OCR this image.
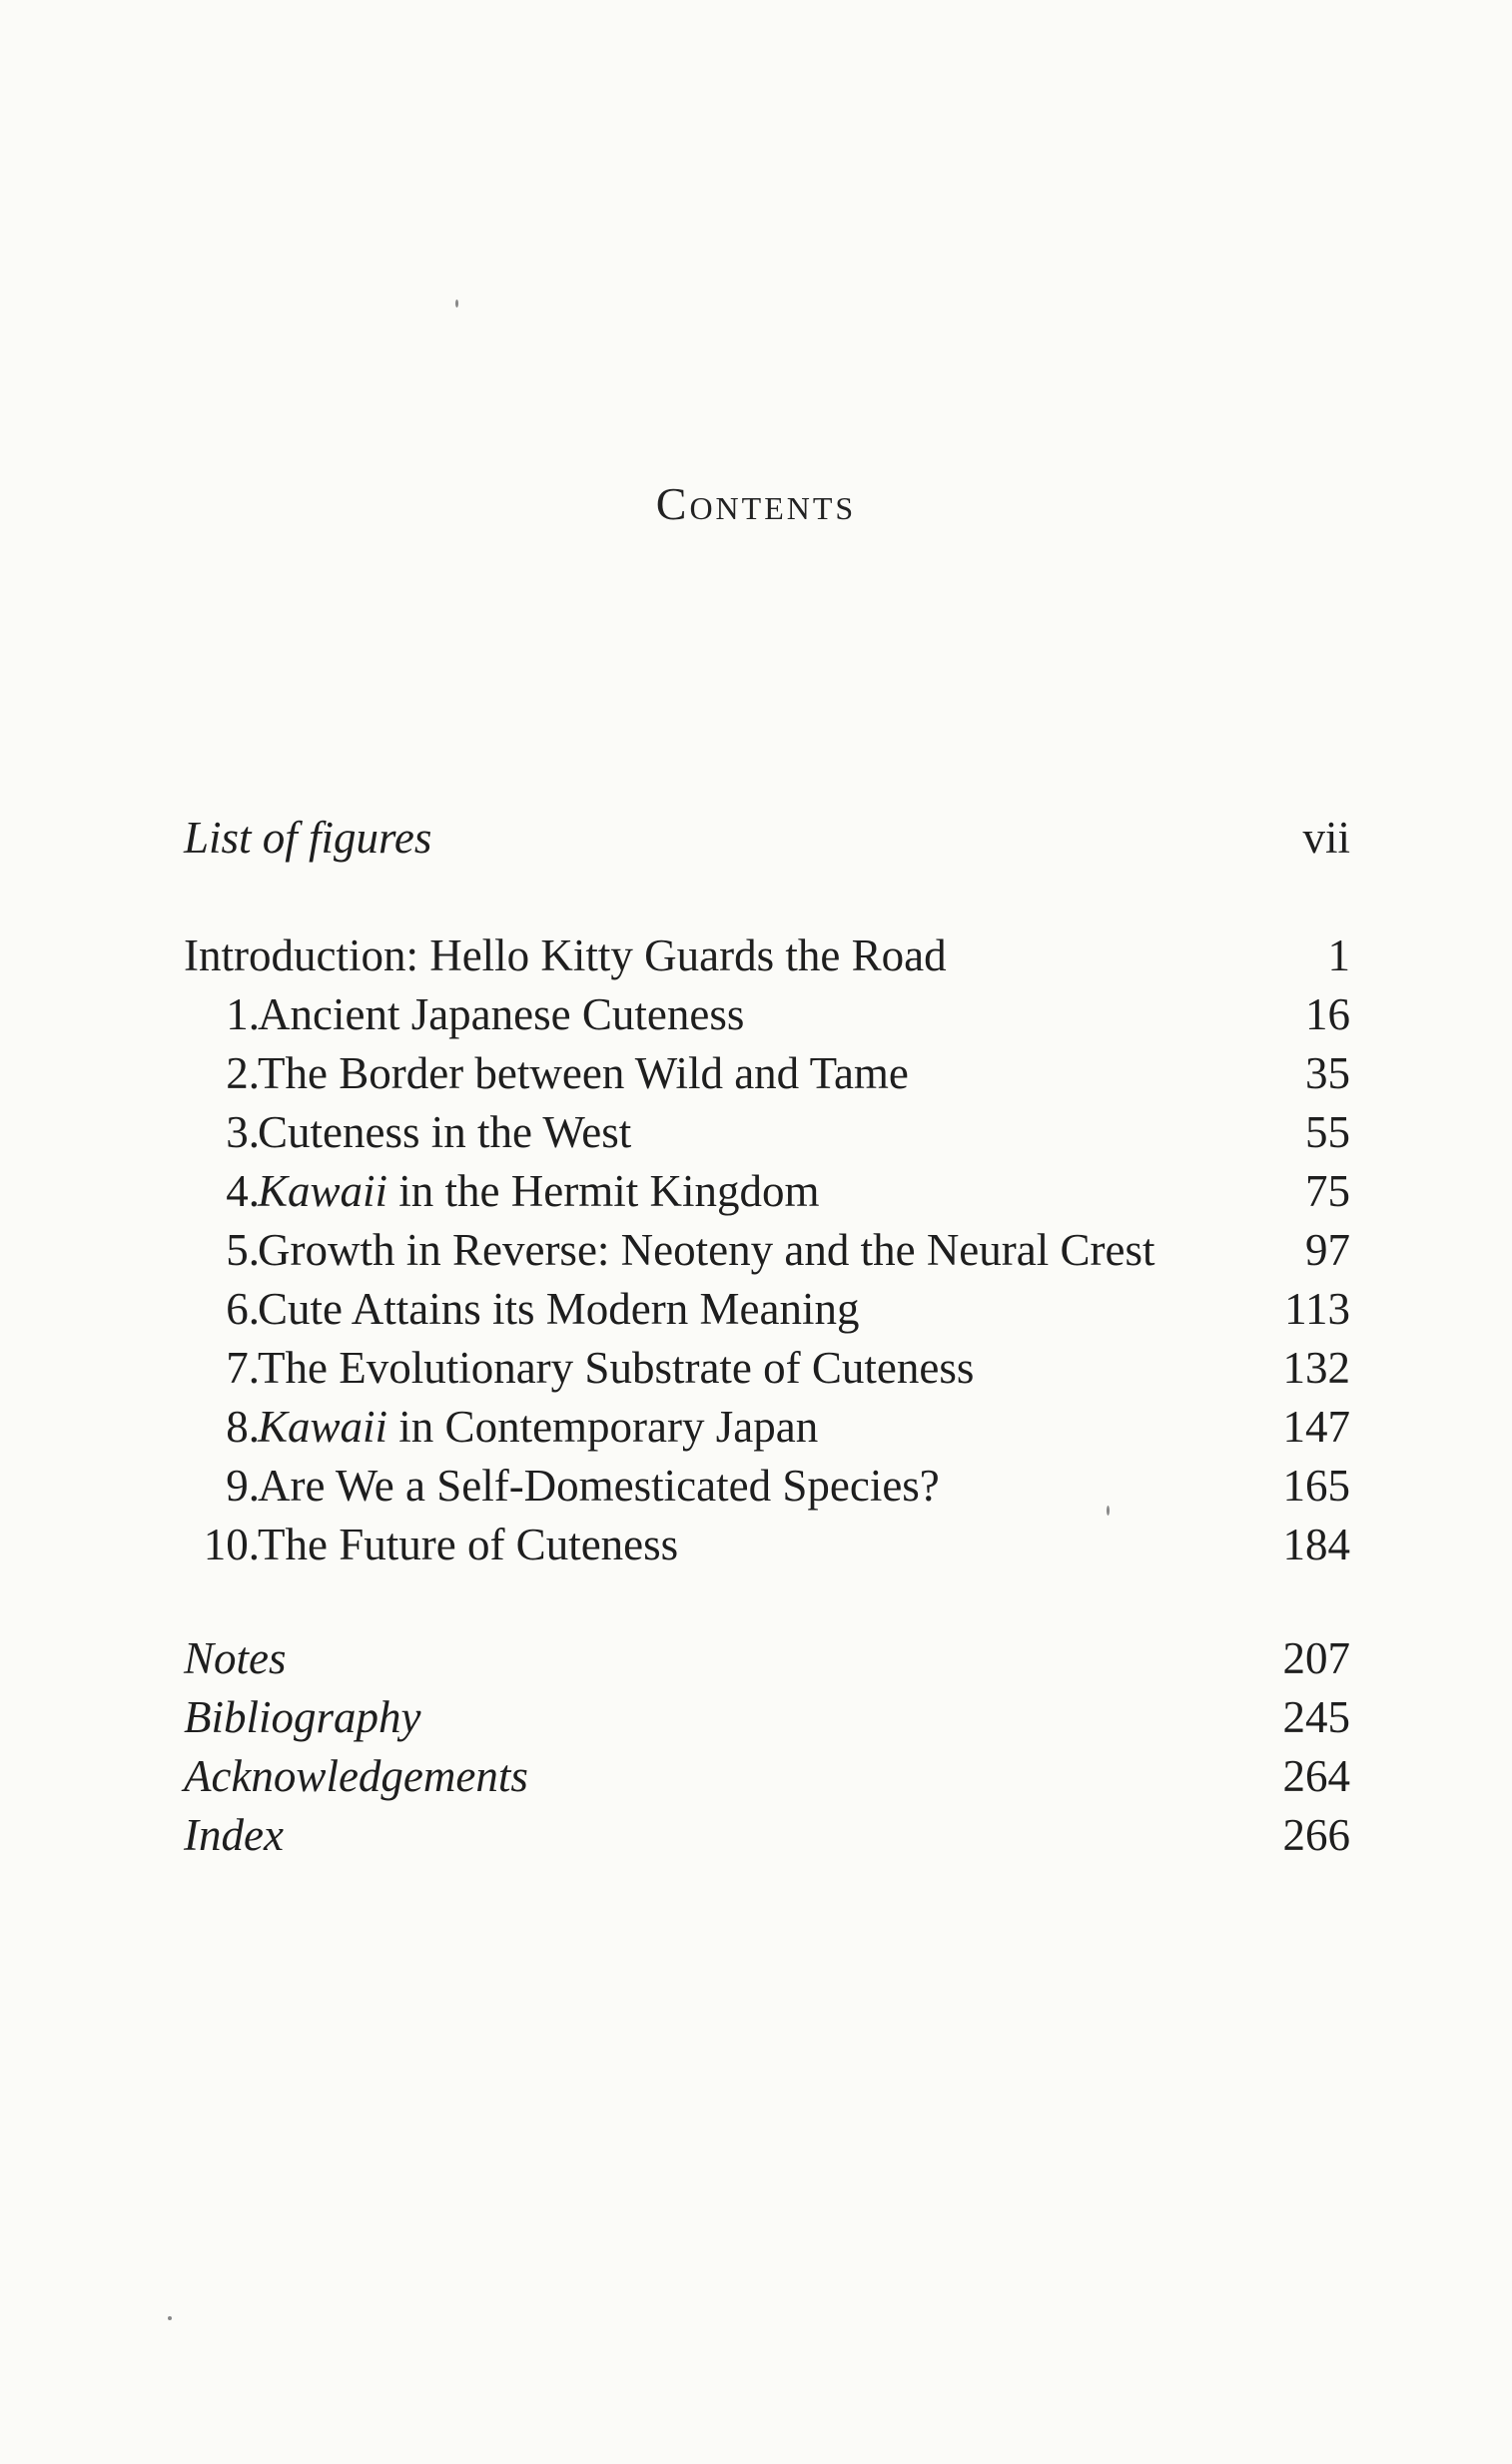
Contents
List of figures	vii
Introduction: Hello Kitty Guards the Road	1
1.
Ancient Japanese Cuteness	16
2.
The Border between Wild and Tame	35
3.
Cuteness in the West	55
4.
Kawaii in the Hermit Kingdom	75
5.
Growth in Reverse: Neoteny and the Neural Crest	97
6.
Cute Attains its Modern Meaning	113
7.
The Evolutionary Substrate of Cuteness	132
8.
Kawaii in Contemporary Japan	147
9.
Are We a Self-Domesticated Species?	165
10.
The Future of Cuteness	184
Notes	207
Bibliography	245
Acknowledgements	264
Index	266
